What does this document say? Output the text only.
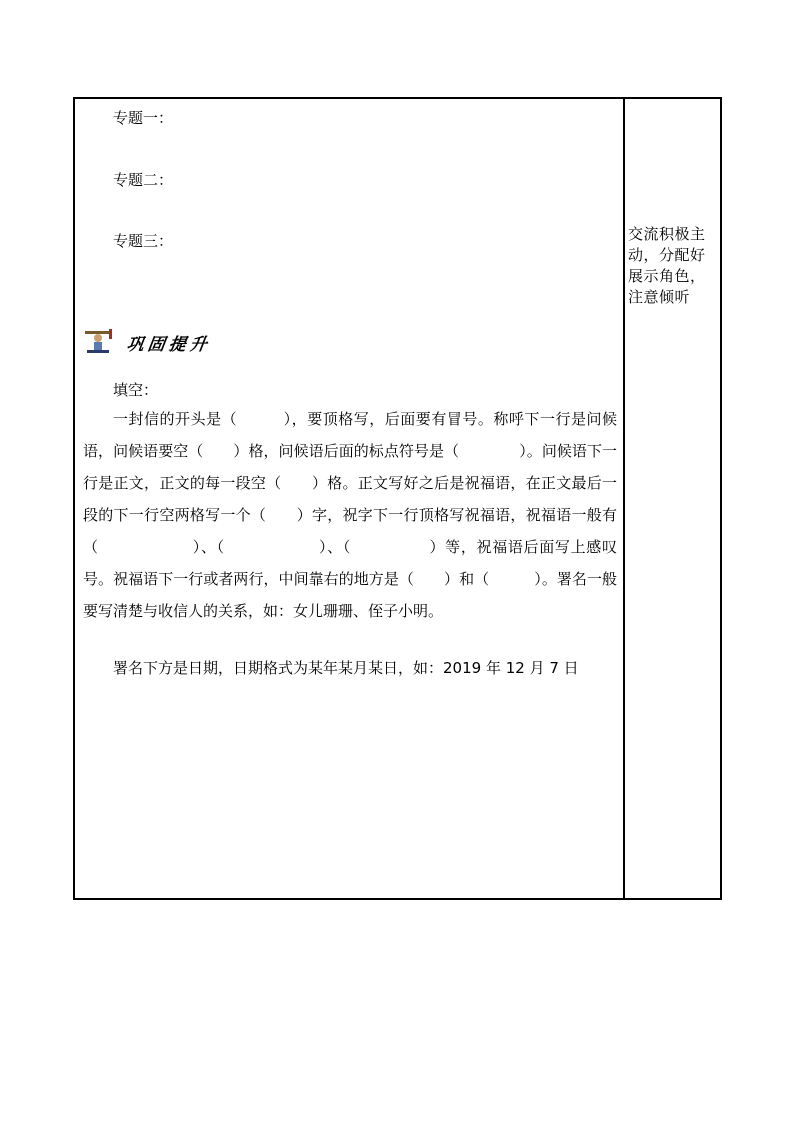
专题一：
专题二：
专题三：
巩固提升
填空：
一封信的开头是（　　　），要顶格写，后面要有冒号。称呼下一行是问候语，问候语要空（　　）格，问候语后面的标点符号是（　　　　）。问候语下一行是正文，正文的每一段空（　　）格。正文写好之后是祝福语，在正文最后一段的下一行空两格写一个（　　）字，祝字下一行顶格写祝福语，祝福语一般有（　　　　　　）、（　　　　　　）、（　　　　　）等，祝福语后面写上感叹号。祝福语下一行或者两行，中间靠右的地方是（　　）和（　　　）。署名一般要写清楚与收信人的关系，如：女儿珊珊、侄子小明。
署名下方是日期，日期格式为某年某月某日，如：2019 年 12 月 7 日
交流积极主动，分配好展示角色，注意倾听
